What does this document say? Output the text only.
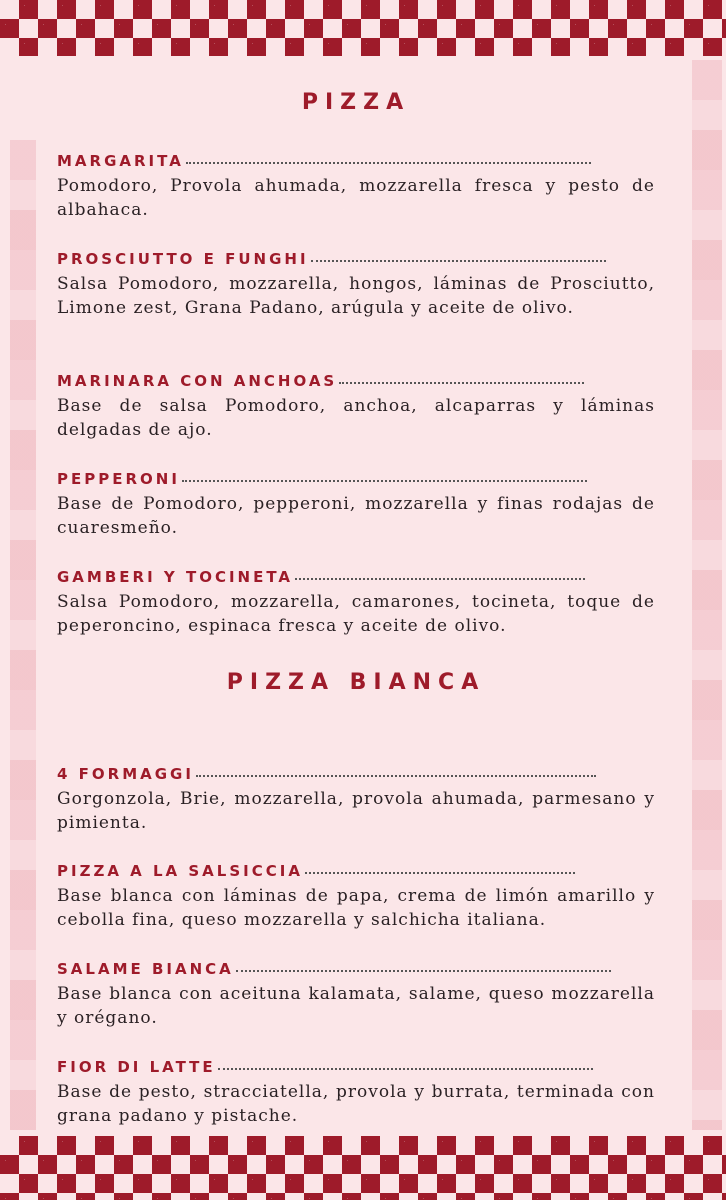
PIZZA
MARGARITA

Pomodoro, Provola ahumada, mozzarella fresca y pesto de albahaca.

PROSCIUTTO E FUNGHI

Salsa Pomodoro, mozzarella, hongos, láminas de Prosciutto, Limone zest, Grana Padano, arúgula y aceite de olivo.

MARINARA CON ANCHOAS

Base de salsa Pomodoro, anchoa, alcaparras y láminas delgadas de ajo.

PEPPERONI

Base de Pomodoro, pepperoni, mozzarella y finas rodajas de cuaresmeño.

GAMBERI Y TOCINETA

Salsa Pomodoro, mozzarella, camarones, tocineta, toque de peperoncino, espinaca fresca y aceite de olivo.

PIZZA BIANCA
4 FORMAGGI

Gorgonzola, Brie, mozzarella, provola ahumada, parmesano y pimienta.

PIZZA A LA SALSICCIA

Base blanca con láminas de papa, crema de limón amarillo y cebolla fina, queso mozzarella y salchicha italiana.

SALAME BIANCA

Base blanca con aceituna kalamata, salame, queso mozzarella y orégano.

FIOR DI LATTE

Base de pesto, stracciatella, provola y burrata, terminada con grana padano y pistache.
